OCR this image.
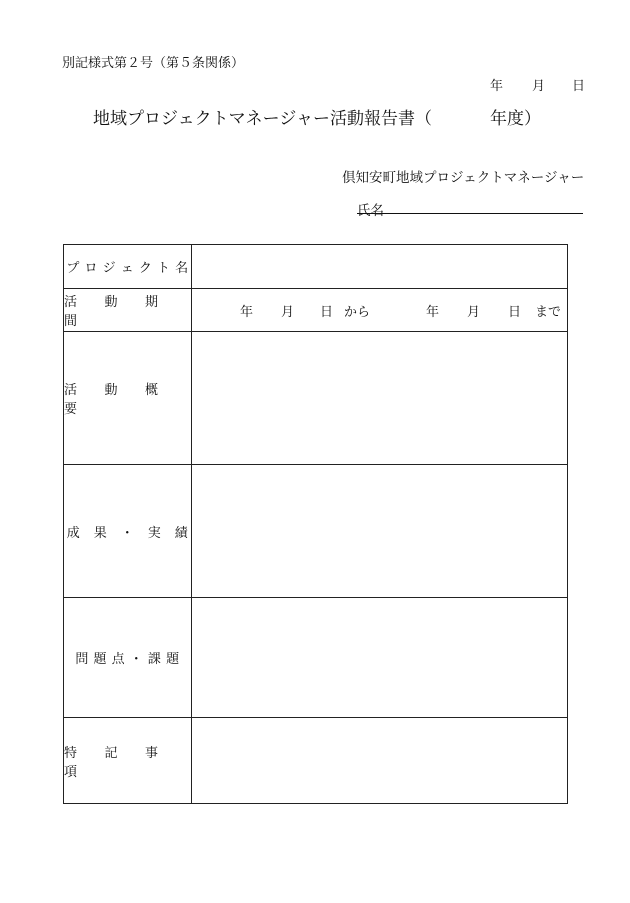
別記様式第２号（第５条関係）
年 月 日
地域プロジェクトマネージャー活動報告書（	年度）
倶知安町地域プロジェクトマネージャー
氏名
プ ロ ジ ェ ク ト 名
活　　動　　期　　間
年 月 日 から	年 月 日 まで
活　　動　　概　　要
成　果　・　実　績
問 題 点 ・ 課 題
特　　記　　事　　項
